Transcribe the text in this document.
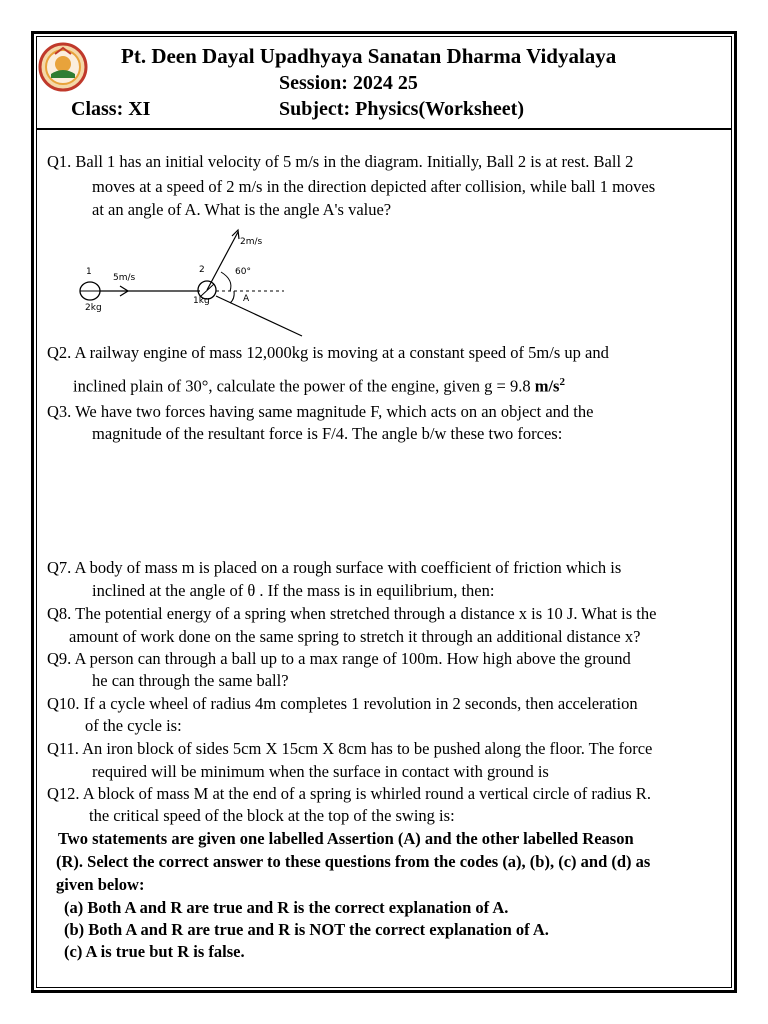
Pt. Deen Dayal Upadhyaya Sanatan Dharma Vidyalaya
Session: 2024 25
Class: XI	Subject: Physics(Worksheet)
Q1. Ball 1 has an initial velocity of 5 m/s in the diagram. Initially, Ball 2 is at rest. Ball 2
moves at a speed of 2 m/s in the direction depicted after collision, while ball 1 moves
at an angle of A. What is the angle A's value?
1
5m/s
2kg
2
1kg
2m/s
60°
A
Q2. A railway engine of mass 12,000kg is moving at a constant speed of 5m/s up and
inclined plain of 30°, calculate the power of the engine, given g = 9.8 $m/s^2$
Q3. We have two forces having same magnitude F, which acts on an object and the
magnitude of the resultant force is F/4. The angle b/w these two forces:
Q7. A body of mass m is placed on a rough surface with coefficient of friction which is
inclined at the angle of θ . If the mass is in equilibrium, then:
Q8. The potential energy of a spring when stretched through a distance x is 10 J. What is the
amount of work done on the same spring to stretch it through an additional distance x?
Q9. A person can through a ball up to a max range of 100m. How high above the ground
he can through the same ball?
Q10. If a cycle wheel of radius 4m completes 1 revolution in 2 seconds, then acceleration
of the cycle is:
Q11. An iron block of sides 5cm X 15cm X 8cm has to be pushed along the floor. The force
required will be minimum when the surface in contact with ground is
Q12. A block of mass M at the end of a spring is whirled round a vertical circle of radius R.
the critical speed of the block at the top of the swing is:
Two statements are given one labelled Assertion (A) and the other labelled Reason
(R). Select the correct answer to these questions from the codes (a), (b), (c) and (d) as
given below:
(a) Both A and R are true and R is the correct explanation of A.
(b) Both A and R are true and R is NOT the correct explanation of A.
(c) A is true but R is false.
